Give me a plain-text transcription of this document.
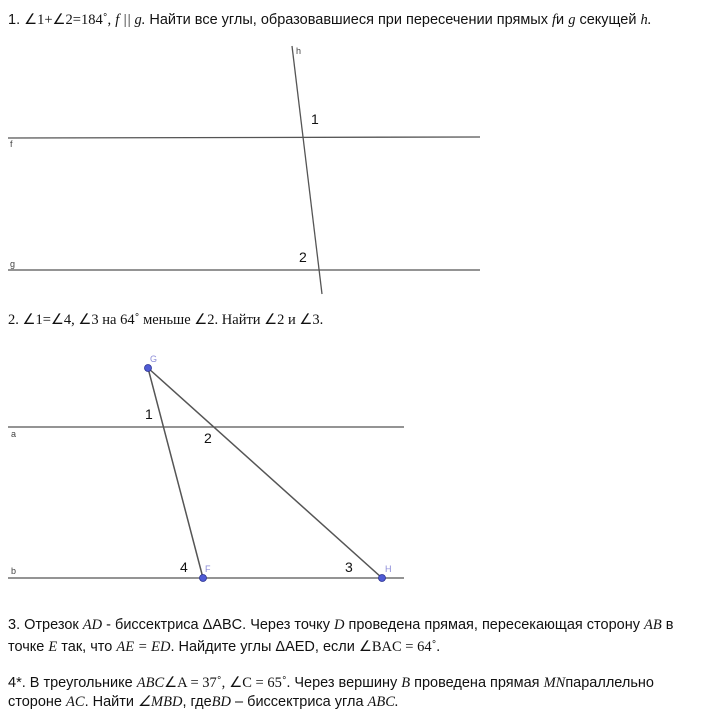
1. ∠1+∠2=184˚, f || g. Найти все углы, образовавшиеся при пересечении прямых fи g секущей h.
h
f
g
1
2
2. ∠1=∠4, ∠3 на 64˚ меньше ∠2. Найти ∠2 и ∠3.
G
F	H
a
b
1
2
3
4
3. Отрезок AD - биссектриса ΔABC. Через точку D проведена прямая, пересекающая сторону AB в
точке E так, что AE = ED. Найдите углы ΔAED, если ∠BAC = 64˚.
4*. В треугольнике ABC∠A = 37˚, ∠C = 65˚. Через вершину B проведена прямая MNпараллельно
стороне AC. Найти ∠MBD, гдеBD – биссектриса угла ABC.
